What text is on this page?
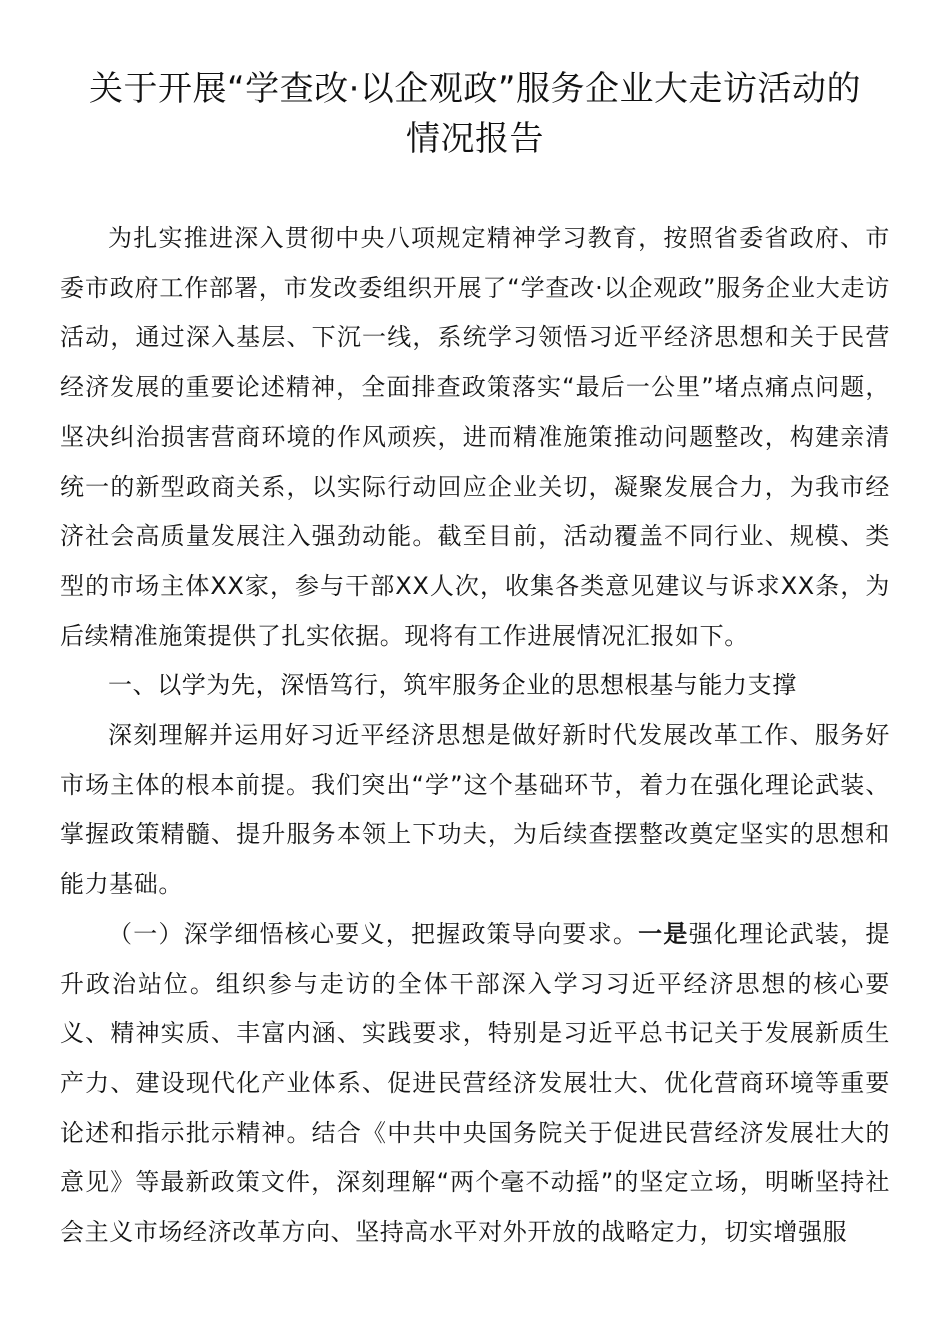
关于开展“学查改·以企观政”服务企业大走访活动的
情况报告

为扎实推进深入贯彻中央八项规定精神学习教育，按照省委省政府、市委市政府工作部署，市发改委组织开展了“学查改·以企观政”服务企业大走访活动，通过深入基层、下沉一线，系统学习领悟习近平经济思想和关于民营经济发展的重要论述精神，全面排查政策落实“最后一公里”堵点痛点问题，坚决纠治损害营商环境的作风顽疾，进而精准施策推动问题整改，构建亲清统一的新型政商关系，以实际行动回应企业关切，凝聚发展合力，为我市经济社会高质量发展注入强劲动能。截至目前，活动覆盖不同行业、规模、类型的市场主体XX家，参与干部XX人次，收集各类意见建议与诉求XX条，为后续精准施策提供了扎实依据。现将有工作进展情况汇报如下。

一、以学为先，深悟笃行，筑牢服务企业的思想根基与能力支撑

深刻理解并运用好习近平经济思想是做好新时代发展改革工作、服务好市场主体的根本前提。我们突出“学”这个基础环节，着力在强化理论武装、掌握政策精髓、提升服务本领上下功夫，为后续查摆整改奠定坚实的思想和能力基础。

（一）深学细悟核心要义，把握政策导向要求。一是强化理论武装，提升政治站位。组织参与走访的全体干部深入学习习近平经济思想的核心要义、精神实质、丰富内涵、实践要求，特别是习近平总书记关于发展新质生产力、建设现代化产业体系、促进民营经济发展壮大、优化营商环境等重要论述和指示批示精神。结合《中共中央国务院关于促进民营经济发展壮大的意见》等最新政策文件，深刻理解“两个毫不动摇”的坚定立场，明晰坚持社会主义市场经济改革方向、坚持高水平对外开放的战略定力，切实增强服
